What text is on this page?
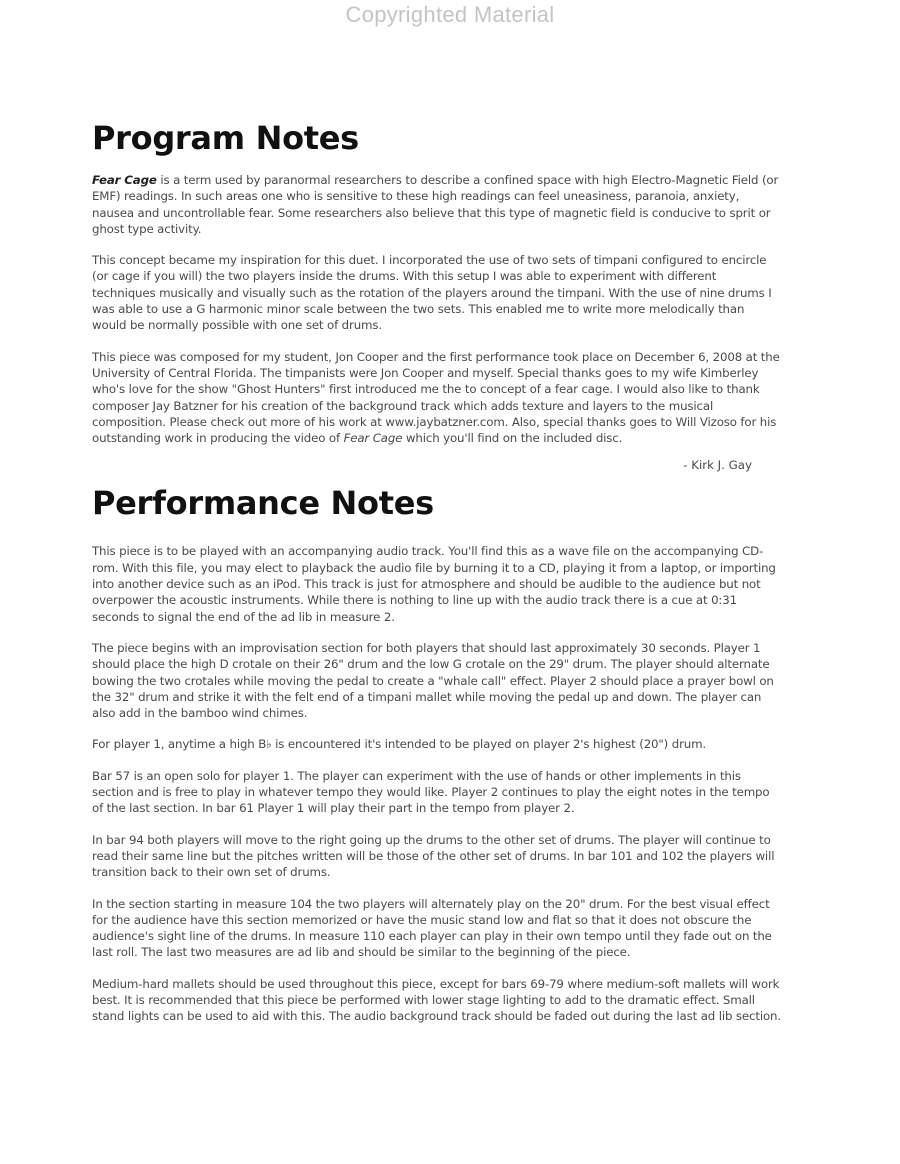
Copyrighted Material
Program Notes

Fear Cage is a term used by paranormal researchers to describe a confined space with high Electro-Magnetic Field (or EMF) readings. In such areas one who is sensitive to these high readings can feel uneasiness, paranoia, anxiety, nausea and uncontrollable fear. Some researchers also believe that this type of magnetic field is conducive to sprit or ghost type activity.

This concept became my inspiration for this duet. I incorporated the use of two sets of timpani configured to encircle (or cage if you will) the two players inside the drums. With this setup I was able to experiment with different techniques musically and visually such as the rotation of the players around the timpani. With the use of nine drums I was able to use a G harmonic minor scale between the two sets. This enabled me to write more melodically than would be normally possible with one set of drums.

This piece was composed for my student, Jon Cooper and the first performance took place on December 6, 2008 at the University of Central Florida. The timpanists were Jon Cooper and myself. Special thanks goes to my wife Kimberley who's love for the show "Ghost Hunters" first introduced me the to concept of a fear cage. I would also like to thank composer Jay Batzner for his creation of the background track which adds texture and layers to the musical composition. Please check out more of his work at www.jaybatzner.com. Also, special thanks goes to Will Vizoso for his outstanding work in producing the video of Fear Cage which you'll find on the included disc.

- Kirk J. Gay
Performance Notes

This piece is to be played with an accompanying audio track. You'll find this as a wave file on the accompanying CD-rom. With this file, you may elect to playback the audio file by burning it to a CD, playing it from a laptop, or importing into another device such as an iPod. This track is just for atmosphere and should be audible to the audience but not overpower the acoustic instruments. While there is nothing to line up with the audio track there is a cue at 0:31 seconds to signal the end of the ad lib in measure 2.

The piece begins with an improvisation section for both players that should last approximately 30 seconds. Player 1 should place the high D crotale on their 26" drum and the low G crotale on the 29" drum. The player should alternate bowing the two crotales while moving the pedal to create a "whale call" effect. Player 2 should place a prayer bowl on the 32" drum and strike it with the felt end of a timpani mallet while moving the pedal up and down. The player can also add in the bamboo wind chimes.

For player 1, anytime a high B♭ is encountered it's intended to be played on player 2's highest (20") drum.

Bar 57 is an open solo for player 1. The player can experiment with the use of hands or other implements in this section and is free to play in whatever tempo they would like. Player 2 continues to play the eight notes in the tempo of the last section. In bar 61 Player 1 will play their part in the tempo from player 2.

In bar 94 both players will move to the right going up the drums to the other set of drums. The player will continue to read their same line but the pitches written will be those of the other set of drums. In bar 101 and 102 the players will transition back to their own set of drums.

In the section starting in measure 104 the two players will alternately play on the 20" drum. For the best visual effect for the audience have this section memorized or have the music stand low and flat so that it does not obscure the audience's sight line of the drums. In measure 110 each player can play in their own tempo until they fade out on the last roll. The last two measures are ad lib and should be similar to the beginning of the piece.

Medium-hard mallets should be used throughout this piece, except for bars 69-79 where medium-soft mallets will work best. It is recommended that this piece be performed with lower stage lighting to add to the dramatic effect. Small stand lights can be used to aid with this. The audio background track should be faded out during the last ad lib section.
